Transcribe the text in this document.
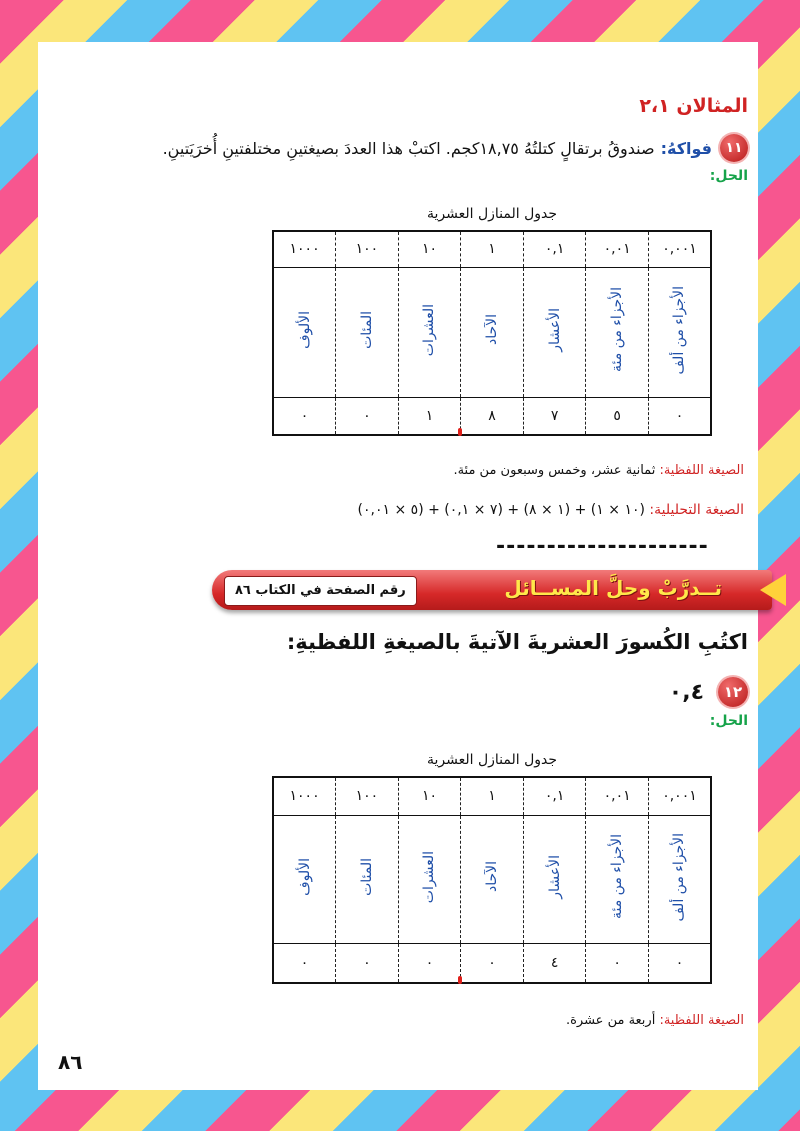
المثالان ٢،١
١١
فواكهُ:
صندوقُ برتقالٍ كتلتُهُ ١٨,٧٥كجم. اكتبْ هذا العددَ بصيغتينِ مختلفتينِ أُخرَيَتينِ.
الحل:
جدول المنازل العشرية
٠,٠٠١	٠,٠١	٠,١	١	١٠	١٠٠	١٠٠٠
الأجزاء من ألف	الأجزاء من مئة	الأعشار	الآحاد	العشرات	المئات	الألوف
٠	٥	٧	٨	١	٠	٠
الصيغة اللفظية: ثمانية عشر، وخمس وسبعون من مئة.
الصيغة التحليلية: (١٠ × ١) + (١ × ٨) + (٧ × ٠,١) + (٥ × ٠,٠١)
---------------------
تــدرَّبْ وحلَّ المســائل
رقم الصفحة في الكتاب ٨٦
اكتُبِ الكُسورَ العشريةَ الآتيةَ بالصيغةِ اللفظيةِ:
١٢
٠,٤
الحل:
جدول المنازل العشرية
٠,٠٠١	٠,٠١	٠,١	١	١٠	١٠٠	١٠٠٠
الأجزاء من ألف	الأجزاء من مئة	الأعشار	الآحاد	العشرات	المئات	الألوف
٠	٠	٤	٠	٠	٠	٠
الصيغة اللفظية: أربعة من عشرة.
٨٦
